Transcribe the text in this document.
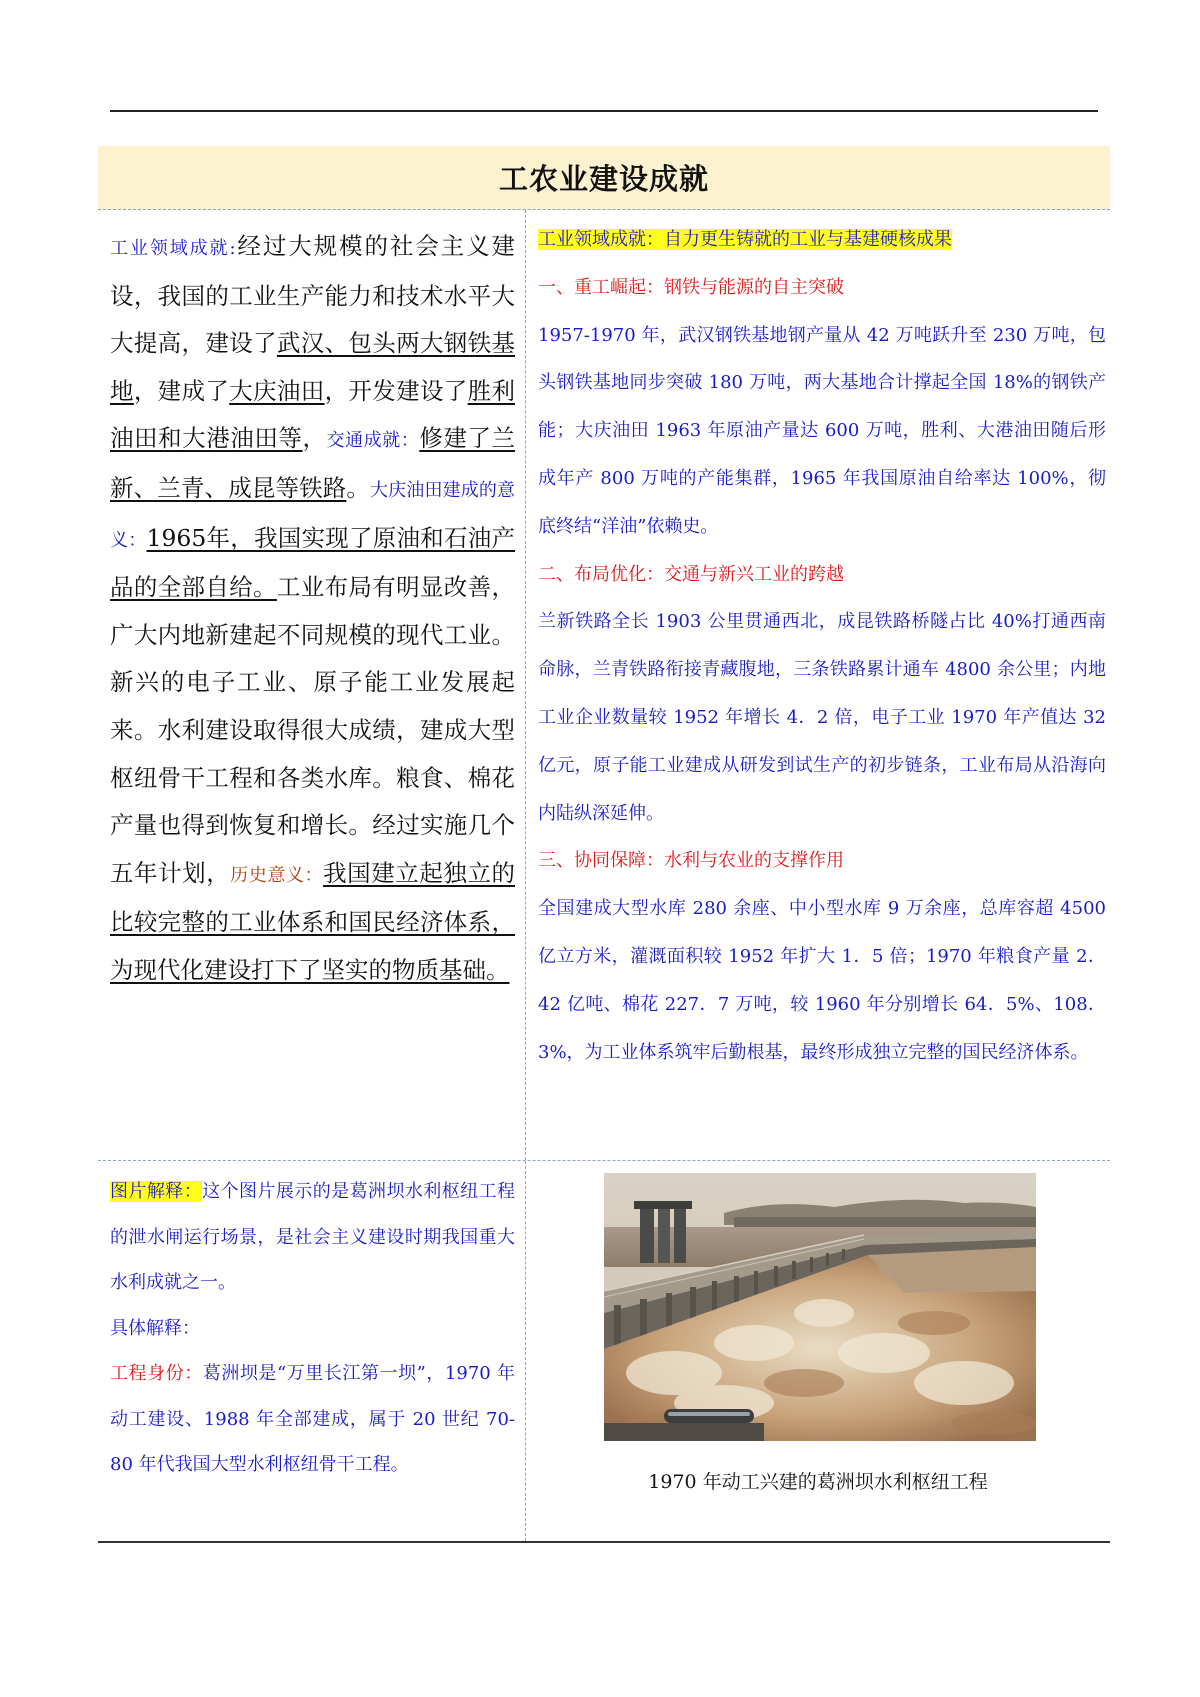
工农业建设成就
工业领域成就:经过大规模的社会主义建设，我国的工业生产能力和技术水平大大提高，建设了武汉、包头两大钢铁基地，建成了大庆油田，开发建设了胜利油田和大港油田等，交通成就：修建了兰新、兰青、成昆等铁路。大庆油田建成的意义：1965年，我国实现了原油和石油产品的全部自给。工业布局有明显改善，广大内地新建起不同规模的现代工业。新兴的电子工业、原子能工业发展起来。水利建设取得很大成绩，建成大型枢纽骨干工程和各类水库。粮食、棉花产量也得到恢复和增长。经过实施几个五年计划，历史意义：我国建立起独立的比较完整的工业体系和国民经济体系，为现代化建设打下了坚实的物质基础。

工业领域成就：自力更生铸就的工业与基建硬核成果

一、重工崛起：钢铁与能源的自主突破

1957-1970 年，武汉钢铁基地钢产量从 42 万吨跃升至 230 万吨，包头钢铁基地同步突破 180 万吨，两大基地合计撑起全国 18%的钢铁产能；大庆油田 1963 年原油产量达 600 万吨，胜利、大港油田随后形成年产 800 万吨的产能集群，1965 年我国原油自给率达 100%，彻底终结“洋油”依赖史。

二、布局优化：交通与新兴工业的跨越

兰新铁路全长 1903 公里贯通西北，成昆铁路桥隧占比 40%打通西南命脉，兰青铁路衔接青藏腹地，三条铁路累计通车 4800 余公里；内地工业企业数量较 1952 年增长 4．2 倍，电子工业 1970 年产值达 32 亿元，原子能工业建成从研发到试生产的初步链条，工业布局从沿海向内陆纵深延伸。

三、协同保障：水利与农业的支撑作用

全国建成大型水库 280 余座、中小型水库 9 万余座，总库容超 4500 亿立方米，灌溉面积较 1952 年扩大 1．5 倍；1970 年粮食产量 2．42 亿吨、棉花 227．7 万吨，较 1960 年分别增长 64．5%、108．3%，为工业体系筑牢后勤根基，最终形成独立完整的国民经济体系。

图片解释：这个图片展示的是葛洲坝水利枢纽工程的泄水闸运行场景，是社会主义建设时期我国重大水利成就之一。

具体解释：

工程身份：葛洲坝是“万里长江第一坝”，1970 年动工建设、1988 年全部建成，属于 20 世纪 70-80 年代我国大型水利枢纽骨干工程。

1970 年动工兴建的葛洲坝水利枢纽工程
